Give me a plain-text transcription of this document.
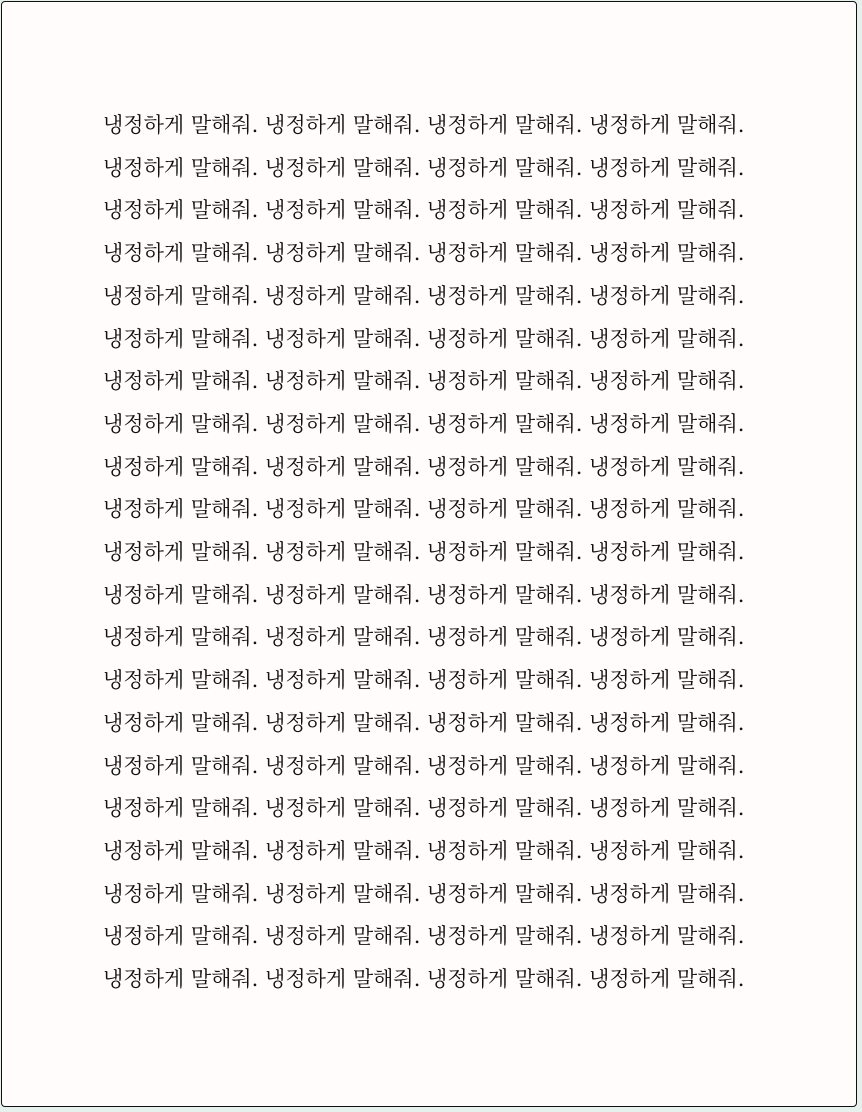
냉정하게 말해줘. 냉정하게 말해줘. 냉정하게 말해줘. 냉정하게 말해줘. 냉정하게 말해줘. 냉정하게 말해줘. 냉정하게 말해줘. 냉정하게 말해줘. 냉정하게 말해줘. 냉정하게 말해줘. 냉정하게 말해줘. 냉정하게 말해줘. 냉정하게 말해줘. 냉정하게 말해줘. 냉정하게 말해줘. 냉정하게 말해줘. 냉정하게 말해줘. 냉정하게 말해줘. 냉정하게 말해줘. 냉정하게 말해줘. 냉정하게 말해줘. 냉정하게 말해줘. 냉정하게 말해줘. 냉정하게 말해줘. 냉정하게 말해줘. 냉정하게 말해줘. 냉정하게 말해줘. 냉정하게 말해줘. 냉정하게 말해줘. 냉정하게 말해줘. 냉정하게 말해줘. 냉정하게 말해줘. 냉정하게 말해줘. 냉정하게 말해줘. 냉정하게 말해줘. 냉정하게 말해줘. 냉정하게 말해줘. 냉정하게 말해줘. 냉정하게 말해줘. 냉정하게 말해줘. 냉정하게 말해줘. 냉정하게 말해줘. 냉정하게 말해줘. 냉정하게 말해줘. 냉정하게 말해줘. 냉정하게 말해줘. 냉정하게 말해줘. 냉정하게 말해줘. 냉정하게 말해줘. 냉정하게 말해줘. 냉정하게 말해줘. 냉정하게 말해줘. 냉정하게 말해줘. 냉정하게 말해줘. 냉정하게 말해줘. 냉정하게 말해줘. 냉정하게 말해줘. 냉정하게 말해줘. 냉정하게 말해줘. 냉정하게 말해줘. 냉정하게 말해줘. 냉정하게 말해줘. 냉정하게 말해줘. 냉정하게 말해줘. 냉정하게 말해줘. 냉정하게 말해줘. 냉정하게 말해줘. 냉정하게 말해줘. 냉정하게 말해줘. 냉정하게 말해줘. 냉정하게 말해줘. 냉정하게 말해줘. 냉정하게 말해줘. 냉정하게 말해줘. 냉정하게 말해줘. 냉정하게 말해줘. 냉정하게 말해줘. 냉정하게 말해줘. 냉정하게 말해줘. 냉정하게 말해줘. 냉정하게 말해줘. 냉정하게 말해줘. 냉정하게 말해줘. 냉정하게 말해줘.
